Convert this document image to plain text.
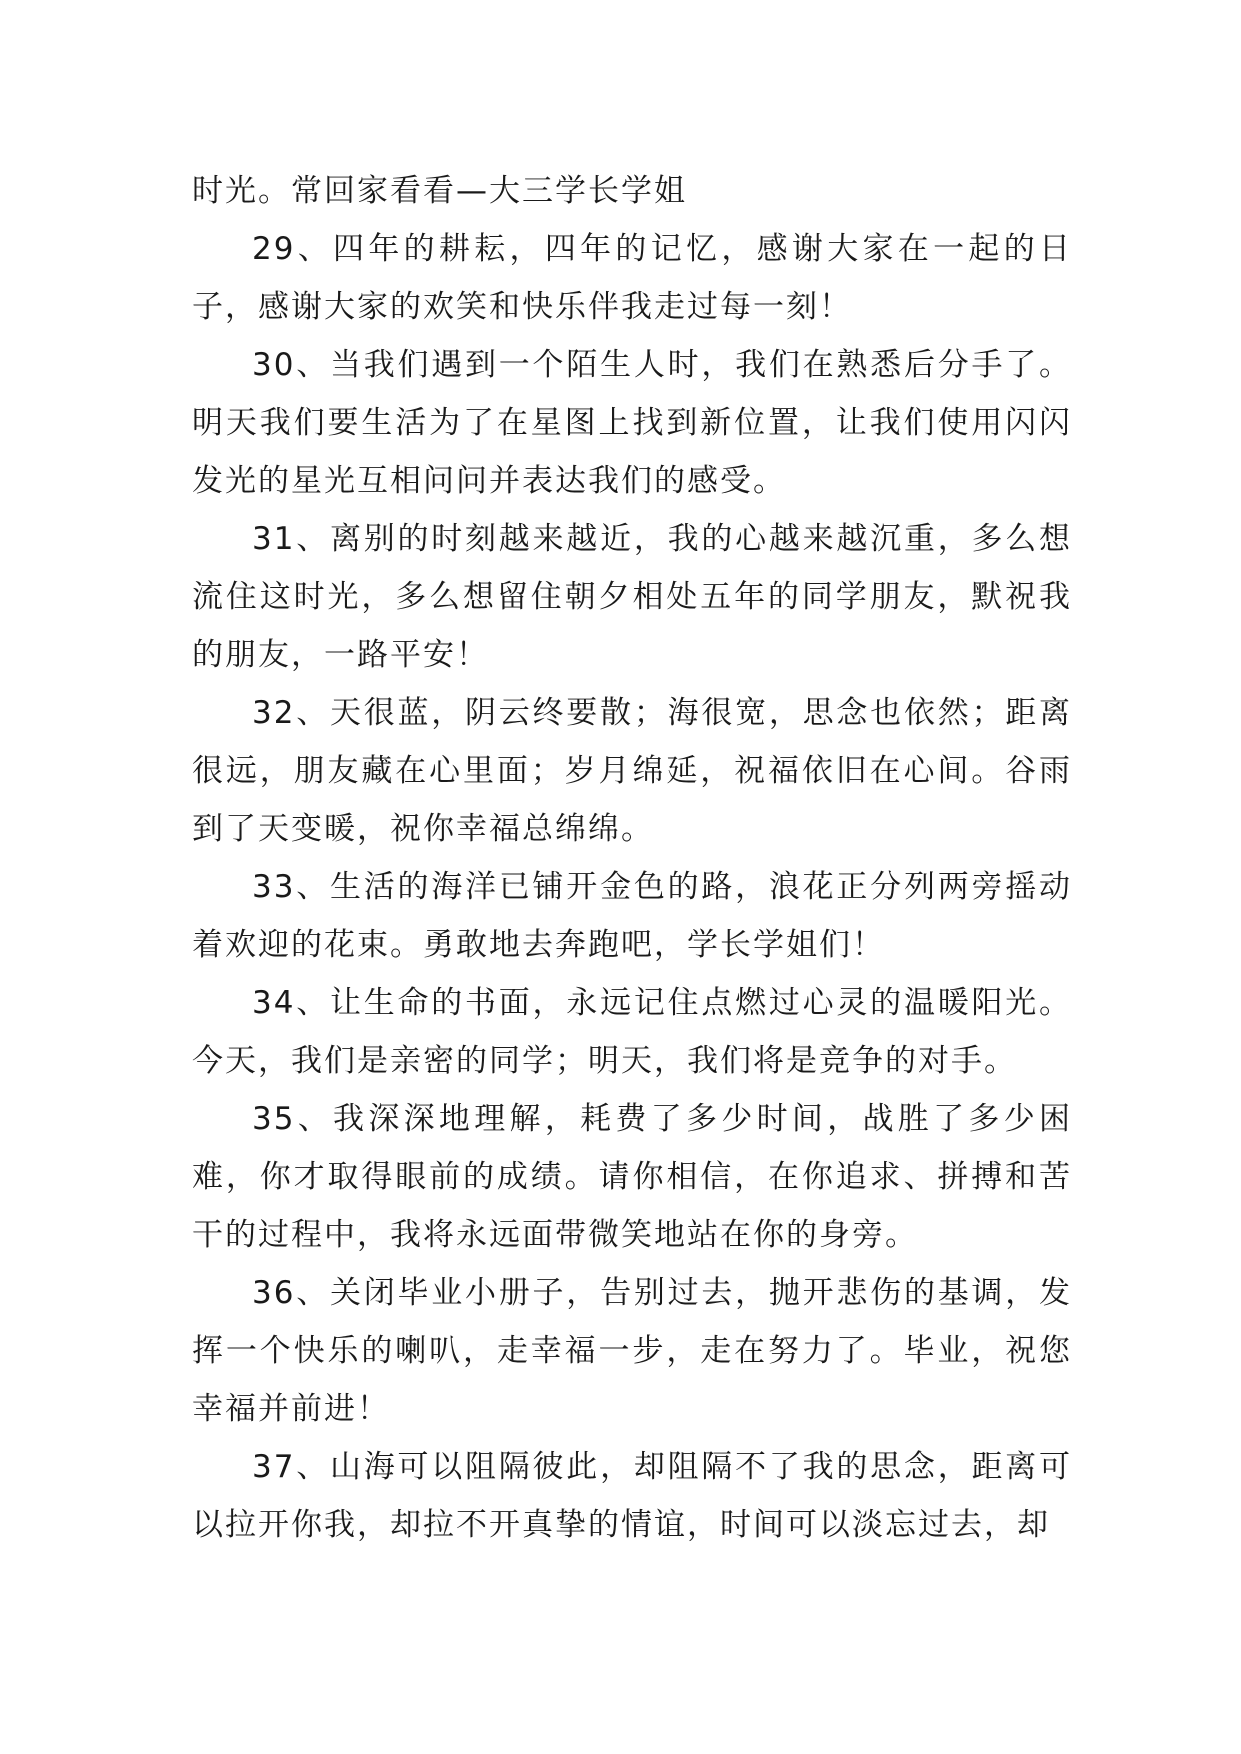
时光。常回家看看—大三学长学姐

29、四年的耕耘，四年的记忆，感谢大家在一起的日子，感谢大家的欢笑和快乐伴我走过每一刻！

30、当我们遇到一个陌生人时，我们在熟悉后分手了。明天我们要生活为了在星图上找到新位置，让我们使用闪闪发光的星光互相问问并表达我们的感受。

31、离别的时刻越来越近，我的心越来越沉重，多么想流住这时光，多么想留住朝夕相处五年的同学朋友，默祝我的朋友，一路平安！

32、天很蓝，阴云终要散；海很宽，思念也依然；距离很远，朋友藏在心里面；岁月绵延，祝福依旧在心间。谷雨到了天变暖，祝你幸福总绵绵。

33、生活的海洋已铺开金色的路，浪花正分列两旁摇动着欢迎的花束。勇敢地去奔跑吧，学长学姐们！

34、让生命的书面，永远记住点燃过心灵的温暖阳光。今天，我们是亲密的同学；明天，我们将是竞争的对手。

35、我深深地理解，耗费了多少时间，战胜了多少困难，你才取得眼前的成绩。请你相信，在你追求、拼搏和苦干的过程中，我将永远面带微笑地站在你的身旁。

36、关闭毕业小册子，告别过去，抛开悲伤的基调，发挥一个快乐的喇叭，走幸福一步，走在努力了。毕业，祝您幸福并前进！

37、山海可以阻隔彼此，却阻隔不了我的思念，距离可以拉开你我，却拉不开真挚的情谊，时间可以淡忘过去，却
